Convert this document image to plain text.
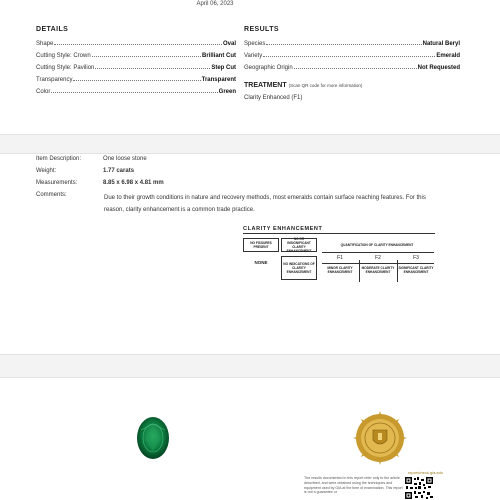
April 06, 2023
DETAILS
Shape	Oval
Cutting Style: Crown	Brilliant Cut
Cutting Style: Pavilion	Step Cut
Transparency	Transparent
Color	Green
RESULTS
Species	Natural Beryl
Variety	Emerald
Geographic Origin	Not Requested
TREATMENT (Scan QR code for more information)
Clarity Enhanced (F1)
Item Description:	One loose stone
Weight:	1.77 carats
Measurements:	8.85 x 6.98 x 4.81 mm
Comments:	Due to their growth conditions in nature and recovery methods, most emeralds contain surface reaching features. For this reason, clarity enhancement is a common trade practice.
CLARITY ENHANCEMENT
NO FISSURES PRESENT
NO OR INSIGNIFICANT CLARITY ENHANCEMENT
QUANTIFICATION OF CLARITY ENHANCEMENT
NONE	NO INDICATIONS OF CLARITY ENHANCEMENT
F1	F2	F3
MINOR CLARITY ENHANCEMENT
MODERATE CLARITY ENHANCEMENT
SIGNIFICANT CLARITY ENHANCEMENT
reportcheck.gia.edu
The results documented in this report refer only to the article described, and were obtained using the techniques and equipment used by GIA at the time of examination. This report is not a guarantee or
